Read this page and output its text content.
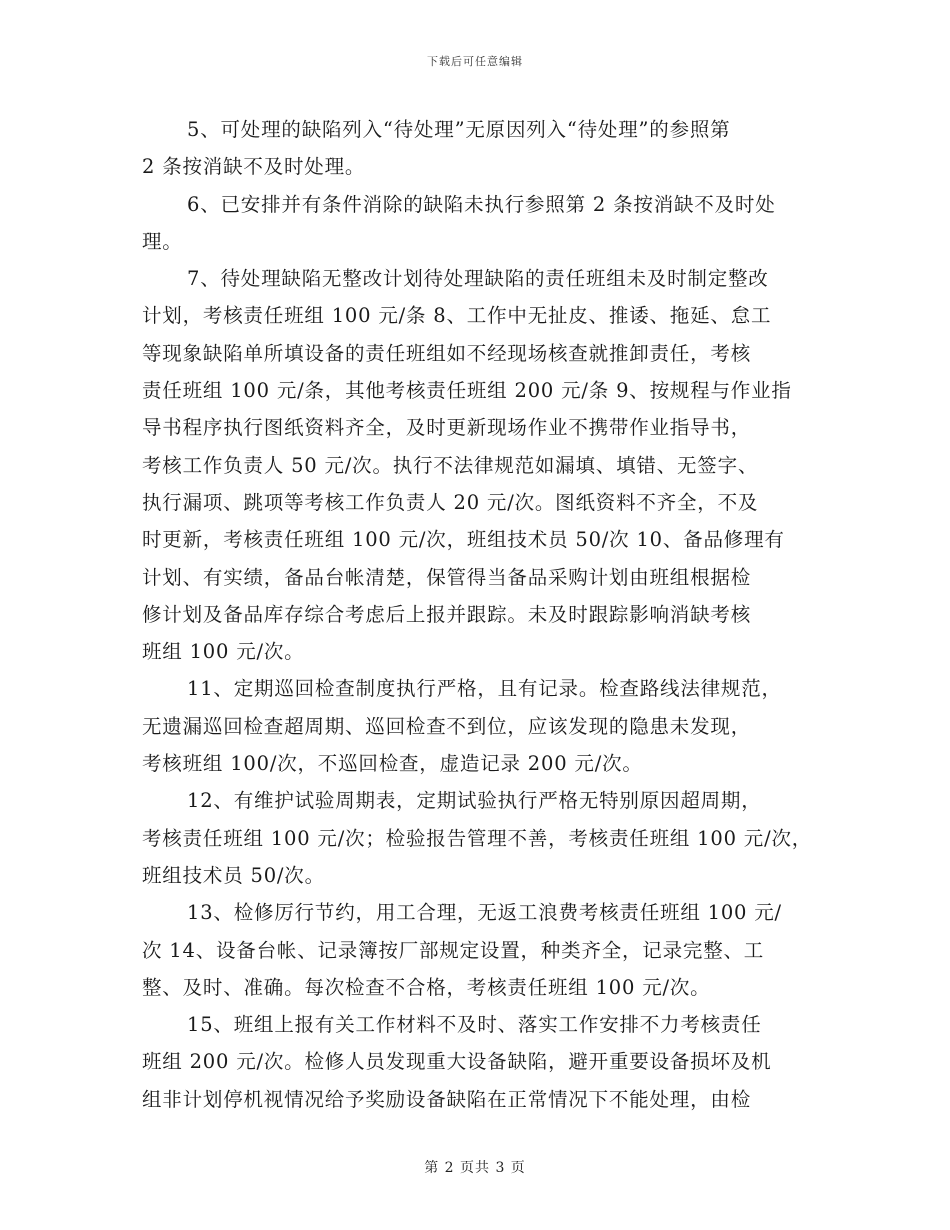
下载后可任意编辑
5、可处理的缺陷列入“待处理”无原因列入“待处理”的参照第
2 条按消缺不及时处理。
6、已安排并有条件消除的缺陷未执行参照第 2 条按消缺不及时处
理。
7、待处理缺陷无整改计划待处理缺陷的责任班组未及时制定整改
计划，考核责任班组 100 元/条 8、工作中无扯皮、推诿、拖延、怠工
等现象缺陷单所填设备的责任班组如不经现场核查就推卸责任，考核
责任班组 100 元/条，其他考核责任班组 200 元/条 9、按规程与作业指
导书程序执行图纸资料齐全，及时更新现场作业不携带作业指导书，
考核工作负责人 50 元/次。执行不法律规范如漏填、填错、无签字、
执行漏项、跳项等考核工作负责人 20 元/次。图纸资料不齐全，不及
时更新，考核责任班组 100 元/次，班组技术员 50/次 10、备品修理有
计划、有实绩，备品台帐清楚，保管得当备品采购计划由班组根据检
修计划及备品库存综合考虑后上报并跟踪。未及时跟踪影响消缺考核
班组 100 元/次。
11、定期巡回检查制度执行严格，且有记录。检查路线法律规范，
无遗漏巡回检查超周期、巡回检查不到位，应该发现的隐患未发现，
考核班组 100/次，不巡回检查，虚造记录 200 元/次。
12、有维护试验周期表，定期试验执行严格无特别原因超周期，
考核责任班组 100 元/次；检验报告管理不善，考核责任班组 100 元/次，
班组技术员 50/次。
13、检修厉行节约，用工合理，无返工浪费考核责任班组 100 元/
次 14、设备台帐、记录簿按厂部规定设置，种类齐全，记录完整、工
整、及时、准确。每次检查不合格，考核责任班组 100 元/次。
15、班组上报有关工作材料不及时、落实工作安排不力考核责任
班组 200 元/次。检修人员发现重大设备缺陷，避开重要设备损坏及机
组非计划停机视情况给予奖励设备缺陷在正常情况下不能处理，由检
第 2 页共 3 页
